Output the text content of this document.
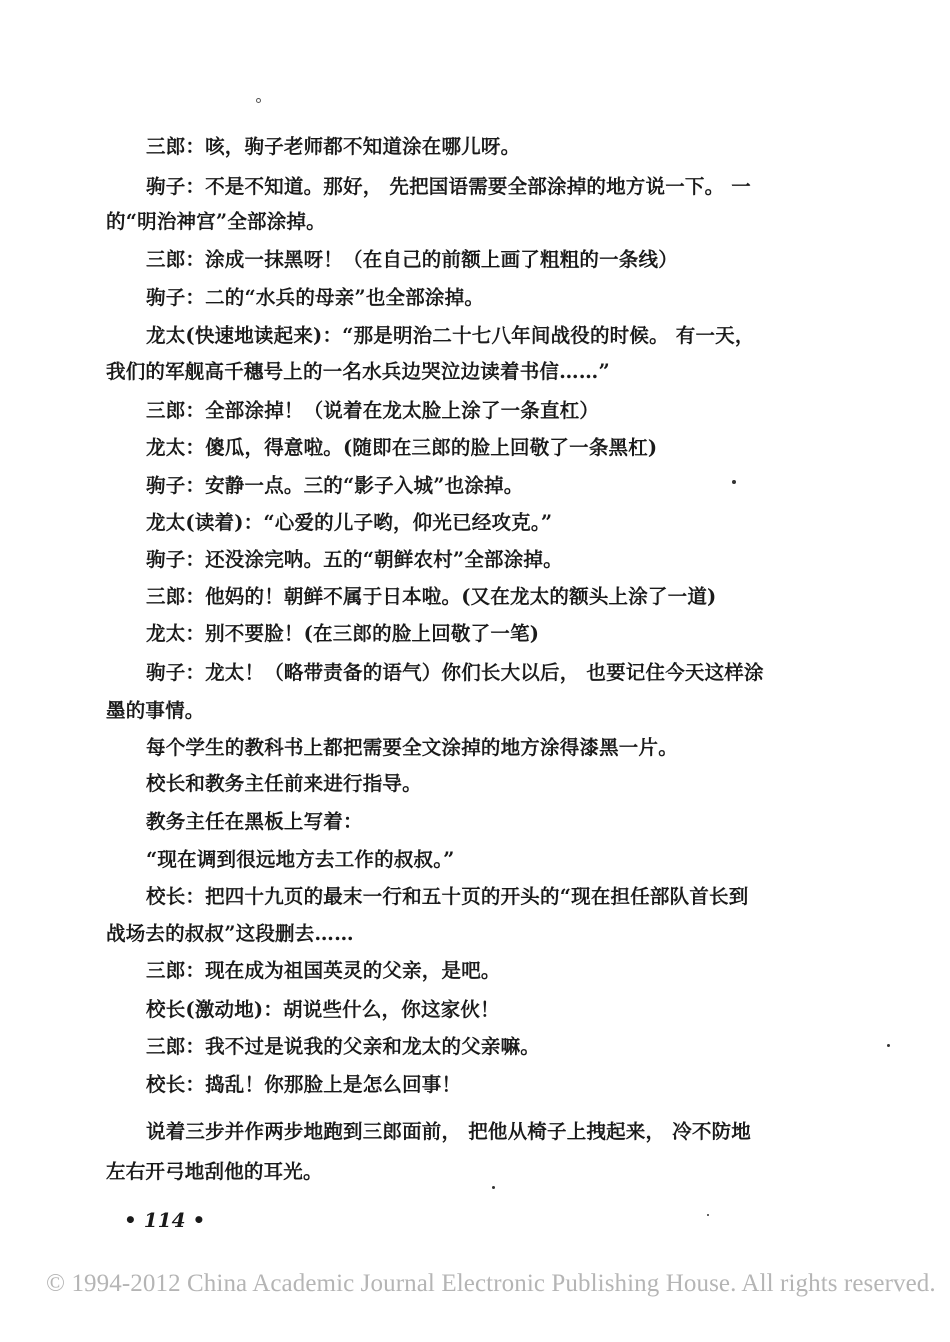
三郎：咳，驹子老师都不知道涂在哪儿呀。
驹子：不是不知道。那好， 先把国语需要全部涂掉的地方说一下。 一
的“明治神宫”全部涂掉。
三郎：涂成一抹黑呀！（在自己的前额上画了粗粗的一条线）
驹子：二的“水兵的母亲”也全部涂掉。
龙太(快速地读起来)：“那是明治二十七八年间战役的时候。 有一天，
我们的军舰高千穗号上的一名水兵边哭泣边读着书信……”
三郎：全部涂掉！（说着在龙太脸上涂了一条直杠）
龙太：傻瓜，得意啦。(随即在三郎的脸上回敬了一条黑杠)
驹子：安静一点。三的“影子入城”也涂掉。
龙太(读着)：“心爱的儿子哟，仰光已经攻克。”
驹子：还没涂完呐。五的“朝鲜农村”全部涂掉。
三郎：他妈的！朝鲜不属于日本啦。(又在龙太的额头上涂了一道)
龙太：别不要脸！(在三郎的脸上回敬了一笔)
驹子：龙太！（略带责备的语气）你们长大以后， 也要记住今天这样涂
墨的事情。
每个学生的教科书上都把需要全文涂掉的地方涂得漆黑一片。
校长和教务主任前来进行指导。
教务主任在黑板上写着：
“现在调到很远地方去工作的叔叔。”
校长：把四十九页的最末一行和五十页的开头的“现在担任部队首长到
战场去的叔叔”这段删去……
三郎：现在成为祖国英灵的父亲，是吧。
校长(激动地)：胡说些什么，你这家伙！
三郎：我不过是说我的父亲和龙太的父亲嘛。
校长：捣乱！你那脸上是怎么回事！
说着三步并作两步地跑到三郎面前， 把他从椅子上拽起来， 冷不防地
左右开弓地刮他的耳光。
• 114 •
© 1994-2012 China Academic Journal Electronic Publishing House. All rights reserved.
